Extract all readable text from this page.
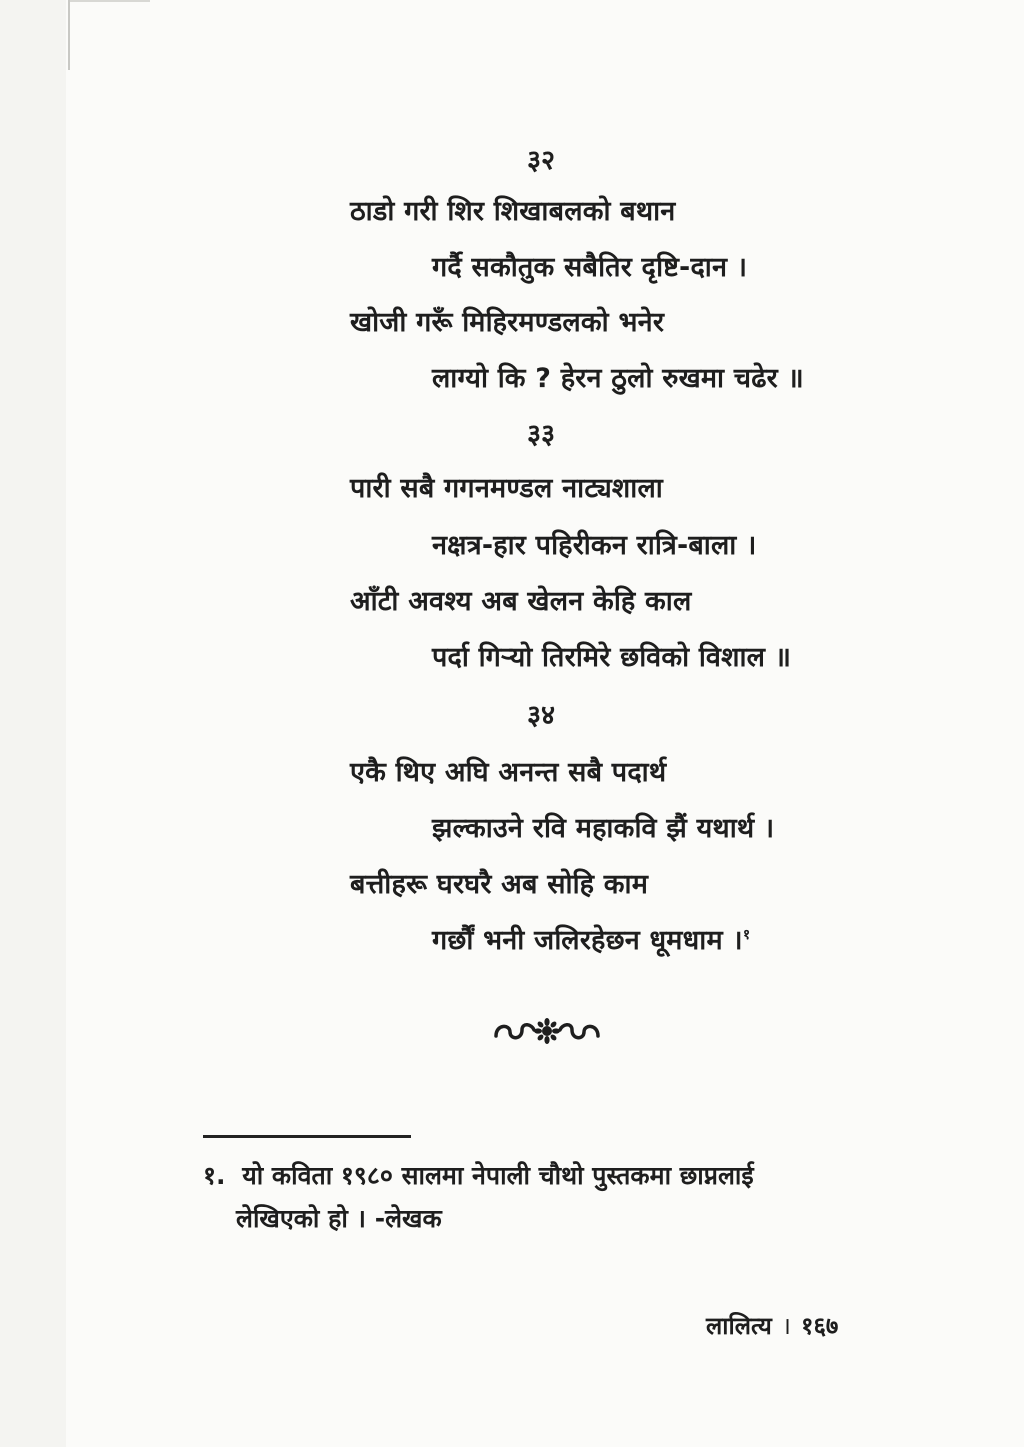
३२
ठाडो गरी शिर शिखाबलको बथान
गर्दै सकौतुक सबैतिर दृष्टि-दान ।
खोजी गरूँ मिहिरमण्डलको भनेर
लाग्यो कि ? हेरन ठुलो रुखमा चढेर ॥
३३
पारी सबै गगनमण्डल नाट्यशाला
नक्षत्र-हार पहिरीकन रात्रि-बाला ।
आँटी अवश्य अब खेलन केहि काल
पर्दा गिऱ्यो तिरमिरे छविको विशाल ॥
३४
एकै थिए अघि अनन्त सबै पदार्थ
झल्काउने रवि महाकवि झैं यथार्थ ।
बत्तीहरू घरघरै अब सोहि काम
गर्छौं भनी जलिरहेछन धूमधाम ।$^१$
१. यो कविता १९८० सालमा नेपाली चौथो पुस्तकमा छाप्नलाई
लेखिएको हो । -लेखक
लालित्य । १६७
